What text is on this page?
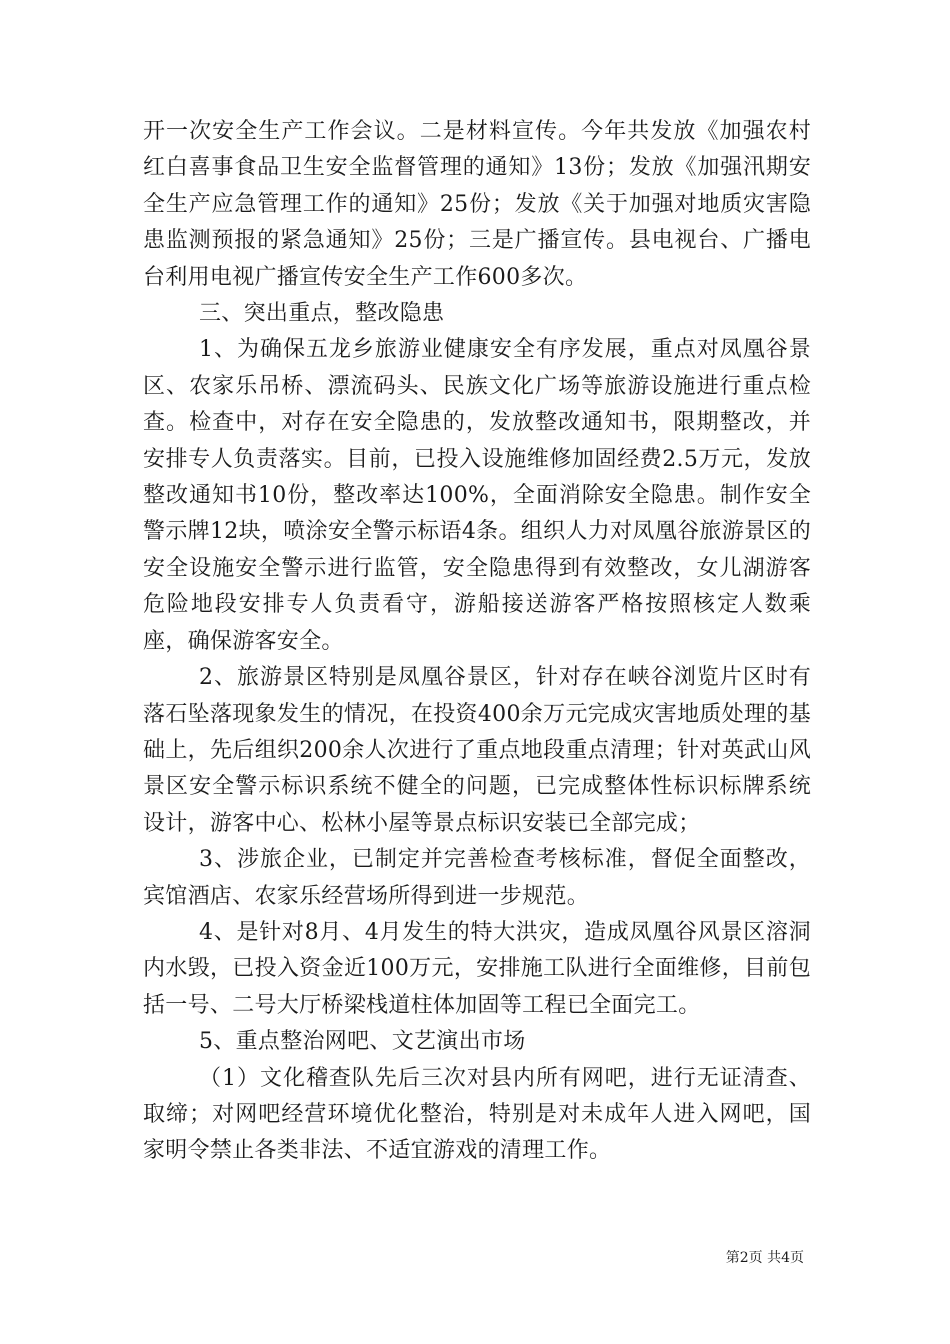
开一次安全生产工作会议。二是材料宣传。今年共发放《加强农村红白喜事食品卫生安全监督管理的通知》13份；发放《加强汛期安全生产应急管理工作的通知》25份；发放《关于加强对地质灾害隐患监测预报的紧急通知》25份；三是广播宣传。县电视台、广播电台利用电视广播宣传安全生产工作600多次。

三、突出重点，整改隐患

1、为确保五龙乡旅游业健康安全有序发展，重点对凤凰谷景区、农家乐吊桥、漂流码头、民族文化广场等旅游设施进行重点检查。检查中，对存在安全隐患的，发放整改通知书，限期整改，并安排专人负责落实。目前，已投入设施维修加固经费2.5万元，发放整改通知书10份，整改率达100%，全面消除安全隐患。制作安全警示牌12块，喷涂安全警示标语4条。组织人力对凤凰谷旅游景区的安全设施安全警示进行监管，安全隐患得到有效整改，女儿湖游客危险地段安排专人负责看守，游船接送游客严格按照核定人数乘座，确保游客安全。

2、旅游景区特别是凤凰谷景区，针对存在峡谷浏览片区时有落石坠落现象发生的情况，在投资400余万元完成灾害地质处理的基础上，先后组织200余人次进行了重点地段重点清理；针对英武山风景区安全警示标识系统不健全的问题，已完成整体性标识标牌系统设计，游客中心、松林小屋等景点标识安装已全部完成；

3、涉旅企业，已制定并完善检查考核标准，督促全面整改，宾馆酒店、农家乐经营场所得到进一步规范。

4、是针对8月、4月发生的特大洪灾，造成凤凰谷风景区溶洞内水毁，已投入资金近100万元，安排施工队进行全面维修，目前包括一号、二号大厅桥梁栈道柱体加固等工程已全面完工。

5、重点整治网吧、文艺演出市场

（1）文化稽查队先后三次对县内所有网吧，进行无证清查、取缔；对网吧经营环境优化整治，特别是对未成年人进入网吧，国家明令禁止各类非法、不适宜游戏的清理工作。

第2页 共4页
